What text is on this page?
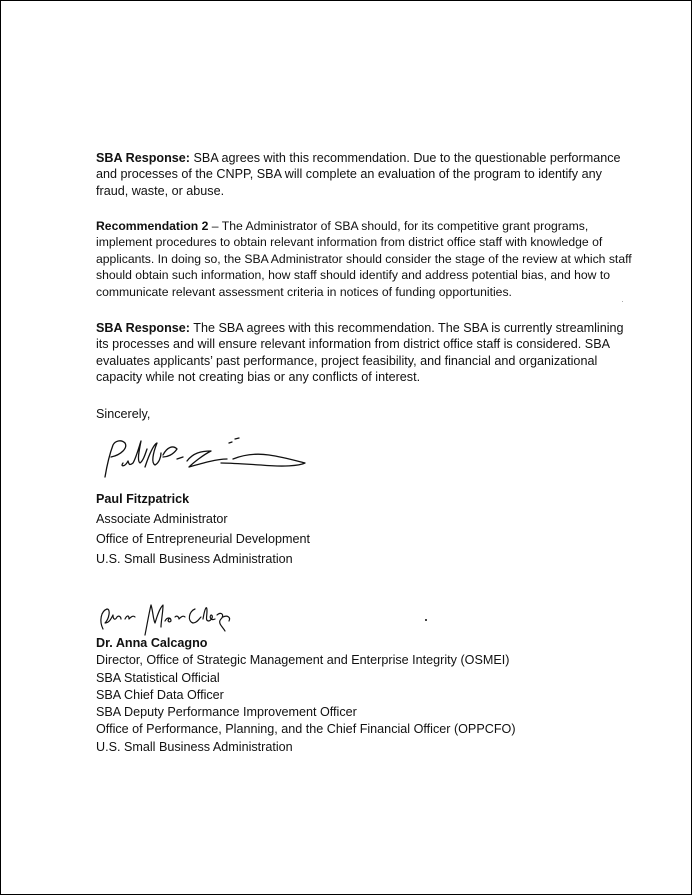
SBA Response: SBA agrees with this recommendation. Due to the questionable performance and processes of the CNPP, SBA will complete an evaluation of the program to identify any fraud, waste, or abuse.

Recommendation 2 – The Administrator of SBA should, for its competitive grant programs, implement procedures to obtain relevant information from district office staff with knowledge of applicants. In doing so, the SBA Administrator should consider the stage of the review at which staff should obtain such information, how staff should identify and address potential bias, and how to communicate relevant assessment criteria in notices of funding opportunities.

SBA Response: The SBA agrees with this recommendation. The SBA is currently streamlining its processes and will ensure relevant information from district office staff is considered. SBA evaluates applicants’ past performance, project feasibility, and financial and organizational capacity while not creating bias or any conflicts of interest.

Sincerely,
Paul Fitzpatrick
Associate Administrator
Office of Entrepreneurial Development
U.S. Small Business Administration
Dr. Anna Calcagno
Director, Office of Strategic Management and Enterprise Integrity (OSMEI)
SBA Statistical Official
SBA Chief Data Officer
SBA Deputy Performance Improvement Officer
Office of Performance, Planning, and the Chief Financial Officer (OPPCFO)
U.S. Small Business Administration
